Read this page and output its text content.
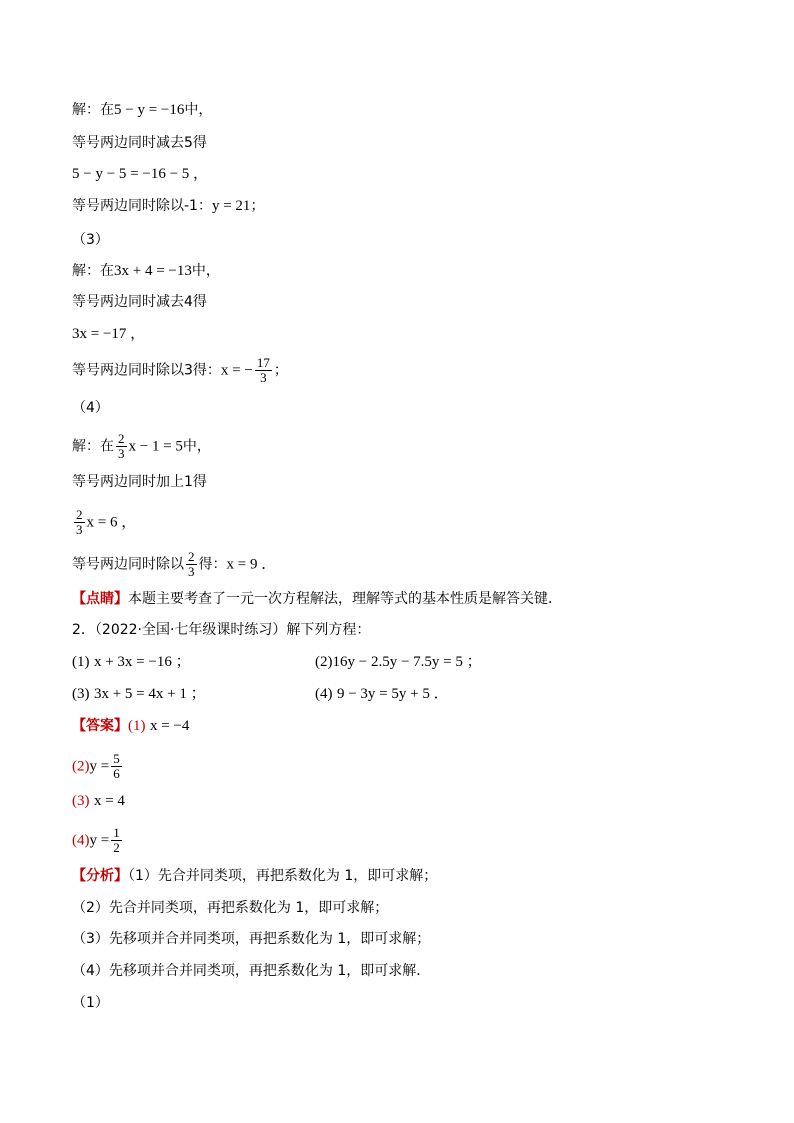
解：在5 − y = −16中，
等号两边同时减去5得
5 − y − 5 = −16 − 5 ，
等号两边同时除以-1：y = 21；
（3）
解：在3x + 4 = −13中，
等号两边同时减去4得
3x = −17 ，
等号两边同时除以3得：x = − $\frac{17}{3}$ ；
（4）
解：在 $\frac{2}{3}$ x − 1 = 5中，
等号两边同时加上1得
$\frac{2}{3}$ x = 6 ，
等号两边同时除以 $\frac{2}{3}$ 得：x = 9 ．
【点睛】本题主要考查了一元一次方程解法，理解等式的基本性质是解答关键．
2．（2022·全国·七年级课时练习）解下列方程：
(1) x + 3x = −16 ；	(2)16y − 2.5y − 7.5y = 5 ；
(3) 3x + 5 = 4x + 1 ；	(4) 9 − 3y = 5y + 5 ．
【答案】(1) x = −4
$(2)y = \frac{5}{6}$
(3) x = 4
$(4)y = \frac{1}{2}$
【分析】（1）先合并同类项，再把系数化为 1，即可求解；
（2）先合并同类项，再把系数化为 1，即可求解；
（3）先移项并合并同类项，再把系数化为 1，即可求解；
（4）先移项并合并同类项，再把系数化为 1，即可求解．
（1）
